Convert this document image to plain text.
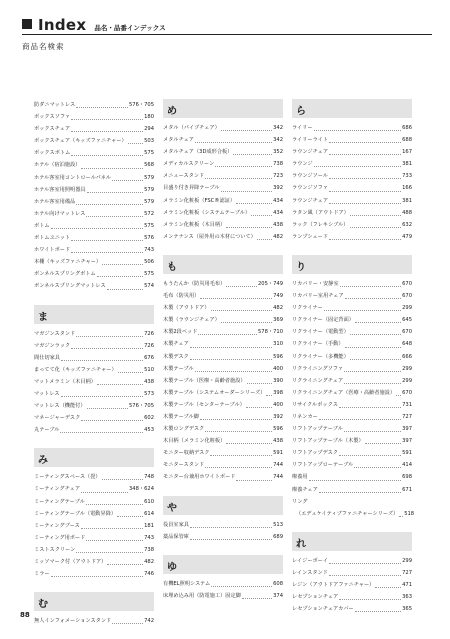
Index 品名・品番インデックス
商品名検索
防ダニマットレス	576・705
ボックスソファ	180
ボックスチェア	294
ボックスチェア（キッズファニチャー）	503
ボックスボトム	575
ホテル（宿泊施設）	568
ホテル客室用コントロールパネル	579
ホテル客室用照明器具	579
ホテル客室用備品	579
ホテル向けマットレス	572
ボトム	575
ボトムユニット	576
ホワイトボード	743
本棚（キッズファニチャー）	506
ボンネルスプリングボトム	575
ボンネルスプリングマットレス	574
ま
マガジンスタンド	726
マガジンラック	726
間仕切家具	676
まってて化（キッズファニチャー）	510
マットメラミン（木目柄）	438
マットレス	573
マットレス（機能付）	576・705
マネージャーデスク	602
丸テーブル	453
み
ミーティングスペース（畳）	748
ミーティングチェア	348・624
ミーティングテーブル	610
ミーティングテーブル（電動昇降）	614
ミーティングブース	181
ミーティング用ボード	743
ミストスクリーン	738
ミッソマーク付（アウトドア）	482
ミラー	746
む
無人インフォメーションスタンド	742
め
メタル（パイプチェア）	342
メタルチェア	342
メタルチェア（3D成形合板）	352
メディカルスクリーン	738
メニュースタンド	723
目盛り付き昇降テーブル	392
メラミン化粧板（FSC®認証）	434
メラミン化粧板（システムテーブル）	434
メラミン化粧板（木目柄）	438
メンテナンス（屋外用の木材について）	482
も
もうたんか（防災用毛布）	205・749
毛布（防災用）	749
木製（アウトドア）	482
木製（ラウンジチェア）	369
木製2段ベッド	578・710
木製チェア	310
木製デスク	596
木製テーブル	400
木製テーブル（医療・高齢者施設）	390
木製テーブル（システムオーダーシリーズ） 398
木製テーブル（センターテーブル）	400
木製テーブル脚	392
木製ロングデスク	596
木目柄（メラミン化粧板）	438
モニター収納デスク	591
モニタースタンド	744
モニター台兼用ホワイトボード	744
や
役員室家具	513
薬品保管庫	689
ゆ
有機EL照明システム	608
床埋め込み用（防電施工）固定脚	374
ら
ライリー	686
ライリーライト	688
ラウンジチェア	167
ラウンジ	381
ラウンジソール	733
ラウンジソファ	166
ラウンジチェア	381
ラタン風（アウトドア）	488
ラック（フレキシブル）	632
ランプシェード	479
り
リカバリー・安静室	670
リカバリー室用チェア	670
リクライナー	299
リクライナー（固定背面）	645
リクライナー（電動型）	670
リクライナー（手動）	648
リクライナー（多機能）	666
リクライニングソファ	299
リクライニングチェア	299
リクライニングチェア（医療・高齢者施設） 670
リサイクルボックス	731
リネンカー	727
リフトアップテーブル	397
リフトアップテーブル（木製）	397
リフトアップデスク	591
リフトアップローテーブル	414
療養用	698
療養チェア	671
リング
（エデュケイティブファニチャーシリーズ） 518
れ
レイジーボーイ	299
レインスタンド	727
レジン（アウトドアファニチャー）	471
レセプションチェア	363
レセプションチェアカバー	365
88
